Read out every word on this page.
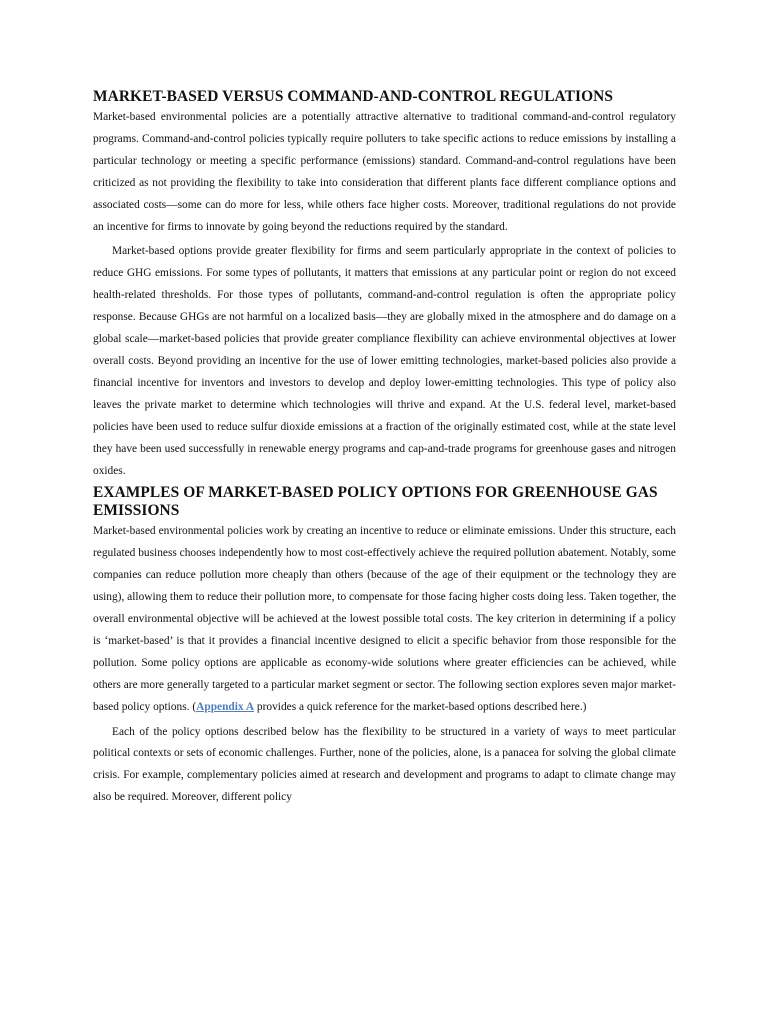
MARKET-BASED VERSUS COMMAND-AND-CONTROL REGULATIONS

Market-based environmental policies are a potentially attractive alternative to traditional command-and-control regulatory programs. Command-and-control policies typically require polluters to take specific actions to reduce emissions by installing a particular technology or meeting a specific performance (emissions) standard. Command-and-control regulations have been criticized as not providing the flexibility to take into consideration that different plants face different compliance options and associated costs—some can do more for less, while others face higher costs. Moreover, traditional regulations do not provide an incentive for firms to innovate by going beyond the reductions required by the standard.

Market-based options provide greater flexibility for firms and seem particularly appropriate in the context of policies to reduce GHG emissions. For some types of pollutants, it matters that emissions at any particular point or region do not exceed health-related thresholds. For those types of pollutants, command-and-control regulation is often the appropriate policy response. Because GHGs are not harmful on a localized basis—they are globally mixed in the atmosphere and do damage on a global scale—market-based policies that provide greater compliance flexibility can achieve environmental objectives at lower overall costs. Beyond providing an incentive for the use of lower emitting technologies, market-based policies also provide a financial incentive for inventors and investors to develop and deploy lower-emitting technologies. This type of policy also leaves the private market to determine which technologies will thrive and expand. At the U.S. federal level, market-based policies have been used to reduce sulfur dioxide emissions at a fraction of the originally estimated cost, while at the state level they have been used successfully in renewable energy programs and cap-and-trade programs for greenhouse gases and nitrogen oxides.

EXAMPLES OF MARKET-BASED POLICY OPTIONS FOR GREENHOUSE GAS EMISSIONS

Market-based environmental policies work by creating an incentive to reduce or eliminate emissions. Under this structure, each regulated business chooses independently how to most cost-effectively achieve the required pollution abatement. Notably, some companies can reduce pollution more cheaply than others (because of the age of their equipment or the technology they are using), allowing them to reduce their pollution more, to compensate for those facing higher costs doing less. Taken together, the overall environmental objective will be achieved at the lowest possible total costs. The key criterion in determining if a policy is ‘market-based’ is that it provides a financial incentive designed to elicit a specific behavior from those responsible for the pollution. Some policy options are applicable as economy-wide solutions where greater efficiencies can be achieved, while others are more generally targeted to a particular market segment or sector. The following section explores seven major market-based policy options. (Appendix A provides a quick reference for the market-based options described here.)

Each of the policy options described below has the flexibility to be structured in a variety of ways to meet particular political contexts or sets of economic challenges. Further, none of the policies, alone, is a panacea for solving the global climate crisis. For example, complementary policies aimed at research and development and programs to adapt to climate change may also be required. Moreover, different policy
